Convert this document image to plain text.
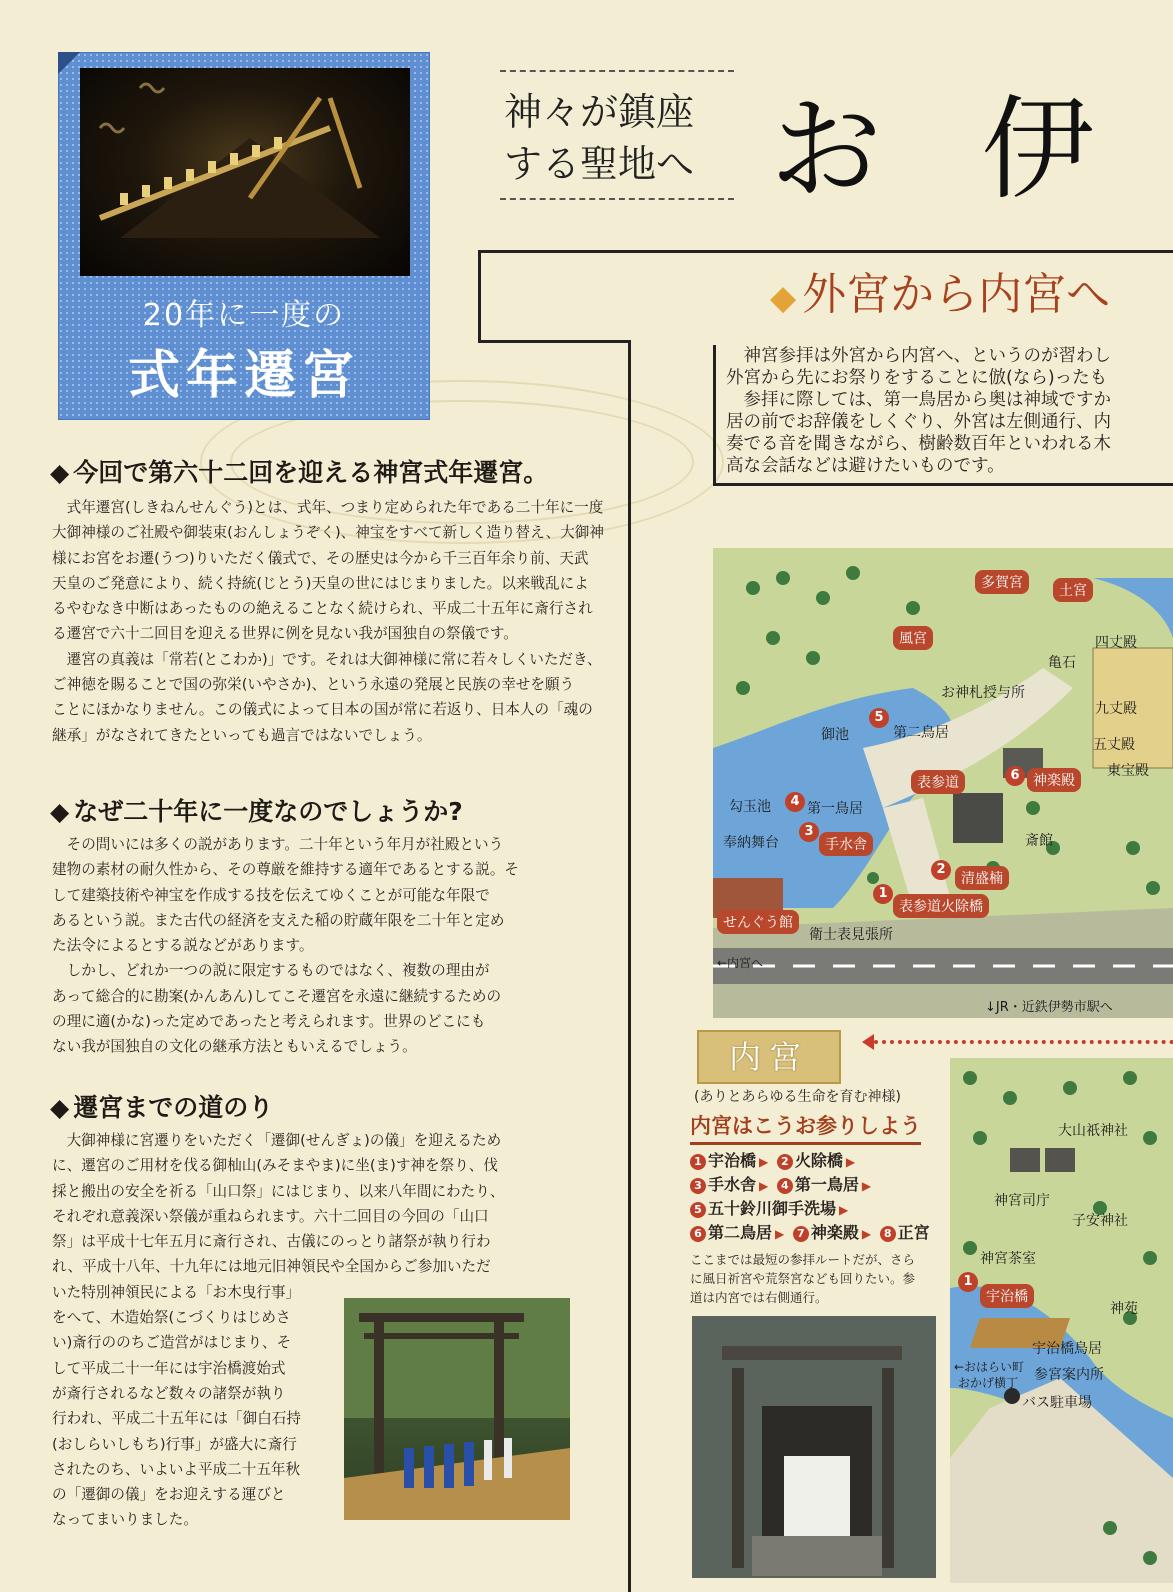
20年に一度の
式年遷宮
神々が鎮座
する聖地へ お 伊
◆ 外宮から内宮へ

神宮参拝は外宮から内宮へ、というのが習わし

外宮から先にお祭りをすることに倣(なら)ったも

参拝に際しては、第一鳥居から奥は神域ですか

居の前でお辞儀をしくぐり、外宮は左側通行、内

奏でる音を聞きながら、樹齢数百年といわれる木

高な会話などは避けたいものです。

◆ 今回で第六十二回を迎える神宮式年遷宮。

式年遷宮(しきねんせんぐう)とは、式年、つまり定められた年である二十年に一度

大御神様のご社殿や御装束(おんしょうぞく)、神宝をすべて新しく造り替え、大御神

様にお宮をお遷(うつ)りいただく儀式で、その歴史は今から千三百年余り前、天武

天皇のご発意により、続く持統(じとう)天皇の世にはじまりました。以来戦乱によ

るやむなき中断はあったものの絶えることなく続けられ、平成二十五年に斎行され

る遷宮で六十二回目を迎える世界に例を見ない我が国独自の祭儀です。

遷宮の真義は「常若(とこわか)」です。それは大御神様に常に若々しくいただき、

ご神徳を賜ることで国の弥栄(いやさか)、という永遠の発展と民族の幸せを願う

ことにほかなりません。この儀式によって日本の国が常に若返り、日本人の「魂の

継承」がなされてきたといっても過言ではないでしょう。

◆ なぜ二十年に一度なのでしょうか?

その問いには多くの説があります。二十年という年月が社殿という

建物の素材の耐久性から、その尊厳を維持する適年であるとする説。そ

して建築技術や神宝を作成する技を伝えてゆくことが可能な年限で

あるという説。また古代の経済を支えた稲の貯蔵年限を二十年と定め

た法令によるとする説などがあります。

しかし、どれか一つの説に限定するものではなく、複数の理由が

あって総合的に勘案(かんあん)してこそ遷宮を永遠に継続するための

の理に適(かな)った定めであったと考えられます。世界のどこにも

ない我が国独自の文化の継承方法ともいえるでしょう。

◆ 遷宮までの道のり

大御神様に宮遷りをいただく「遷御(せんぎょ)の儀」を迎えるため

に、遷宮のご用材を伐る御杣山(みそまやま)に坐(ま)す神を祭り、伐

採と搬出の安全を祈る「山口祭」にはじまり、以来八年間にわたり、

それぞれ意義深い祭儀が重ねられます。六十二回目の今回の「山口

祭」は平成十七年五月に斎行され、古儀にのっとり諸祭が執り行わ

れ、平成十八年、十九年には地元旧神領民や全国からご参加いただ

いた特別神領民による「お木曳行事」

をへて、木造始祭(こづくりはじめさ

い)斎行ののちご造営がはじまり、そ

して平成二十一年には宇治橋渡始式

が斎行されるなど数々の諸祭が執り

行われ、平成二十五年には「御白石持

(おしらいしもち)行事」が盛大に斎行

されたのち、いよいよ平成二十五年秋

の「遷御の儀」をお迎えする運びと

なってまいりました。

多賀宮	土宮
風宮	四丈殿
亀石
お神札授与所
九丈殿
御池
5
第二鳥居
五丈殿
東宝殿
表参道	6 神楽殿
勾玉池	4 第一鳥居
斎館
奉納舞台
3
手水舎
2
清盛楠
1
表参道火除橋
せんぐう館
衛士表見張所
←内宮へ
↓JR・近鉄伊勢市駅へ
内宮
(ありとあらゆる生命を育む神様)
内宮はこうお参りしよう
1 宇治橋 ▶ 2 火除橋 ▶
3 手水舎 ▶ 4 第一鳥居 ▶
5 五十鈴川御手洗場 ▶
6 第二鳥居 ▶ 7 神楽殿 ▶ 8 正宮
ここまでは最短の参拝ルートだが、さら
に風日祈宮や荒祭宮なども回りたい。参
道は内宮では右側通行。
大山祇神社
神宮司庁
子安神社
神宮茶室
1
宇治橋
神苑
宇治橋鳥居
参宮案内所
←おはらい町
おかげ横丁
バス駐車場
